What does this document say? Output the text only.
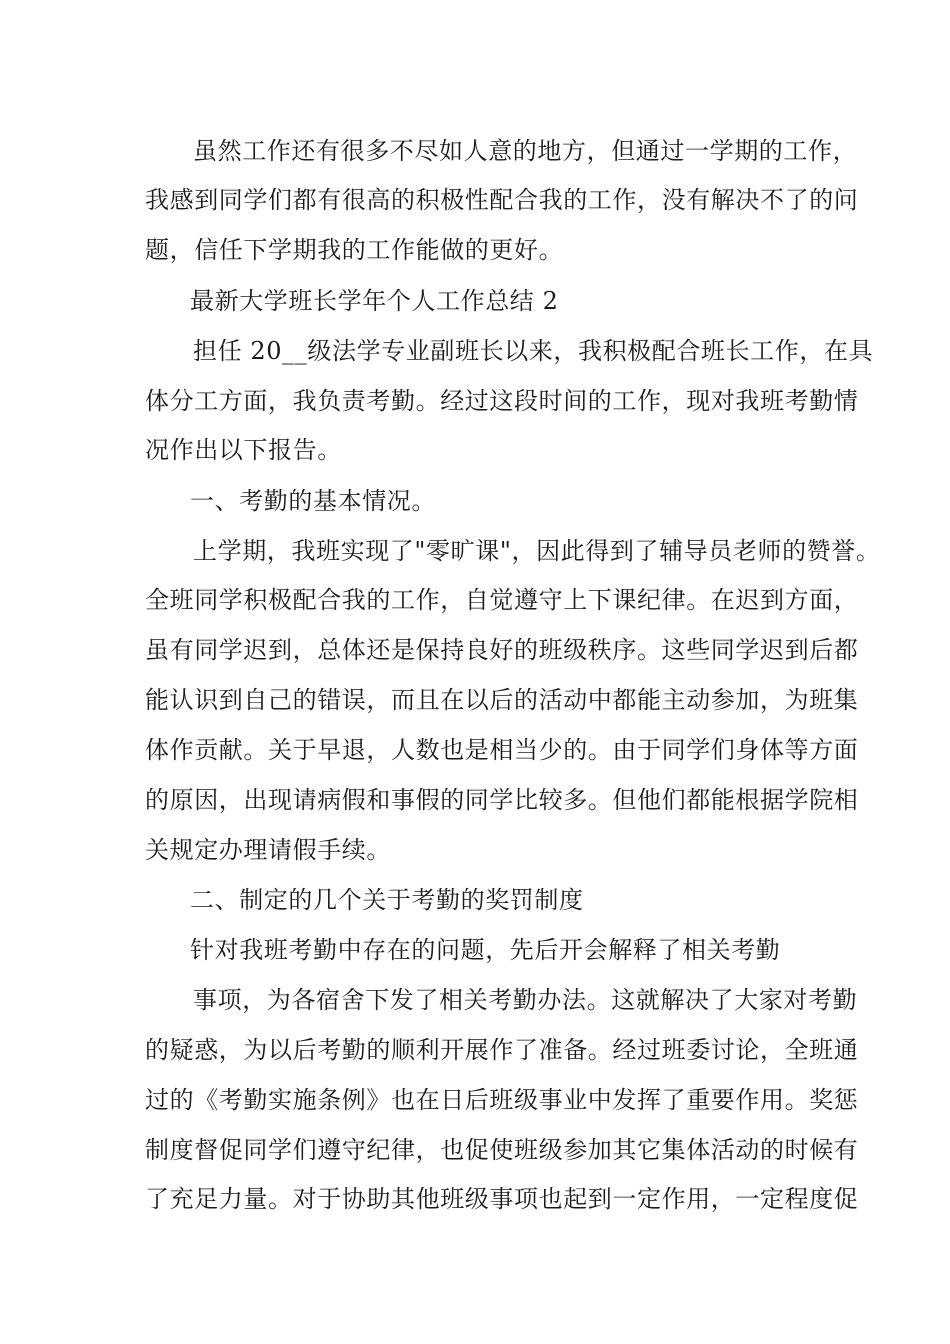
虽然工作还有很多不尽如人意的地方，但通过一学期的工作，
我感到同学们都有很高的积极性配合我的工作，没有解决不了的问
题，信任下学期我的工作能做的更好。
最新大学班长学年个人工作总结 2
担任 20__级法学专业副班长以来，我积极配合班长工作，在具
体分工方面，我负责考勤。经过这段时间的工作，现对我班考勤情
况作出以下报告。
一、考勤的基本情况。
上学期，我班实现了"零旷课"，因此得到了辅导员老师的赞誉。
全班同学积极配合我的工作，自觉遵守上下课纪律。在迟到方面，
虽有同学迟到，总体还是保持良好的班级秩序。这些同学迟到后都
能认识到自己的错误，而且在以后的活动中都能主动参加，为班集
体作贡献。关于早退，人数也是相当少的。由于同学们身体等方面
的原因，出现请病假和事假的同学比较多。但他们都能根据学院相
关规定办理请假手续。
二、制定的几个关于考勤的奖罚制度
针对我班考勤中存在的问题，先后开会解释了相关考勤
事项，为各宿舍下发了相关考勤办法。这就解决了大家对考勤
的疑惑，为以后考勤的顺利开展作了准备。经过班委讨论，全班通
过的《考勤实施条例》也在日后班级事业中发挥了重要作用。奖惩
制度督促同学们遵守纪律，也促使班级参加其它集体活动的时候有
了充足力量。对于协助其他班级事项也起到一定作用，一定程度促
